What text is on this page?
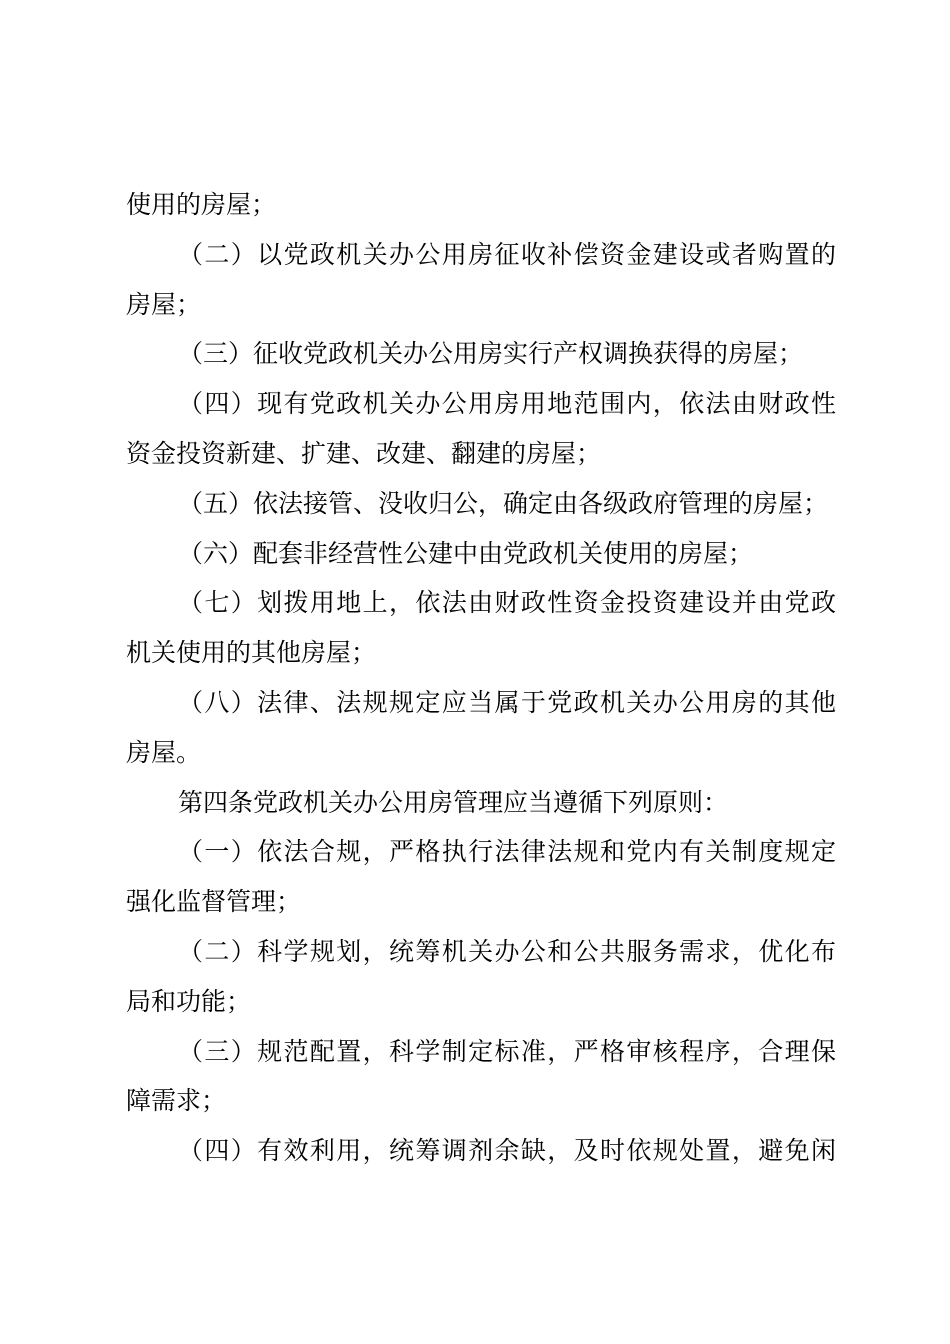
使用的房屋；
（二）以党政机关办公用房征收补偿资金建设或者购置的
房屋；
（三）征收党政机关办公用房实行产权调换获得的房屋；
（四）现有党政机关办公用房用地范围内，依法由财政性
资金投资新建、扩建、改建、翻建的房屋；
（五）依法接管、没收归公，确定由各级政府管理的房屋；
（六）配套非经营性公建中由党政机关使用的房屋；
（七）划拨用地上，依法由财政性资金投资建设并由党政
机关使用的其他房屋；
（八）法律、法规规定应当属于党政机关办公用房的其他
房屋。
第四条党政机关办公用房管理应当遵循下列原则：
（一）依法合规，严格执行法律法规和党内有关制度规定
强化监督管理；
（二）科学规划，统筹机关办公和公共服务需求，优化布
局和功能；
（三）规范配置，科学制定标准，严格审核程序，合理保
障需求；
（四）有效利用，统筹调剂余缺，及时依规处置，避免闲
